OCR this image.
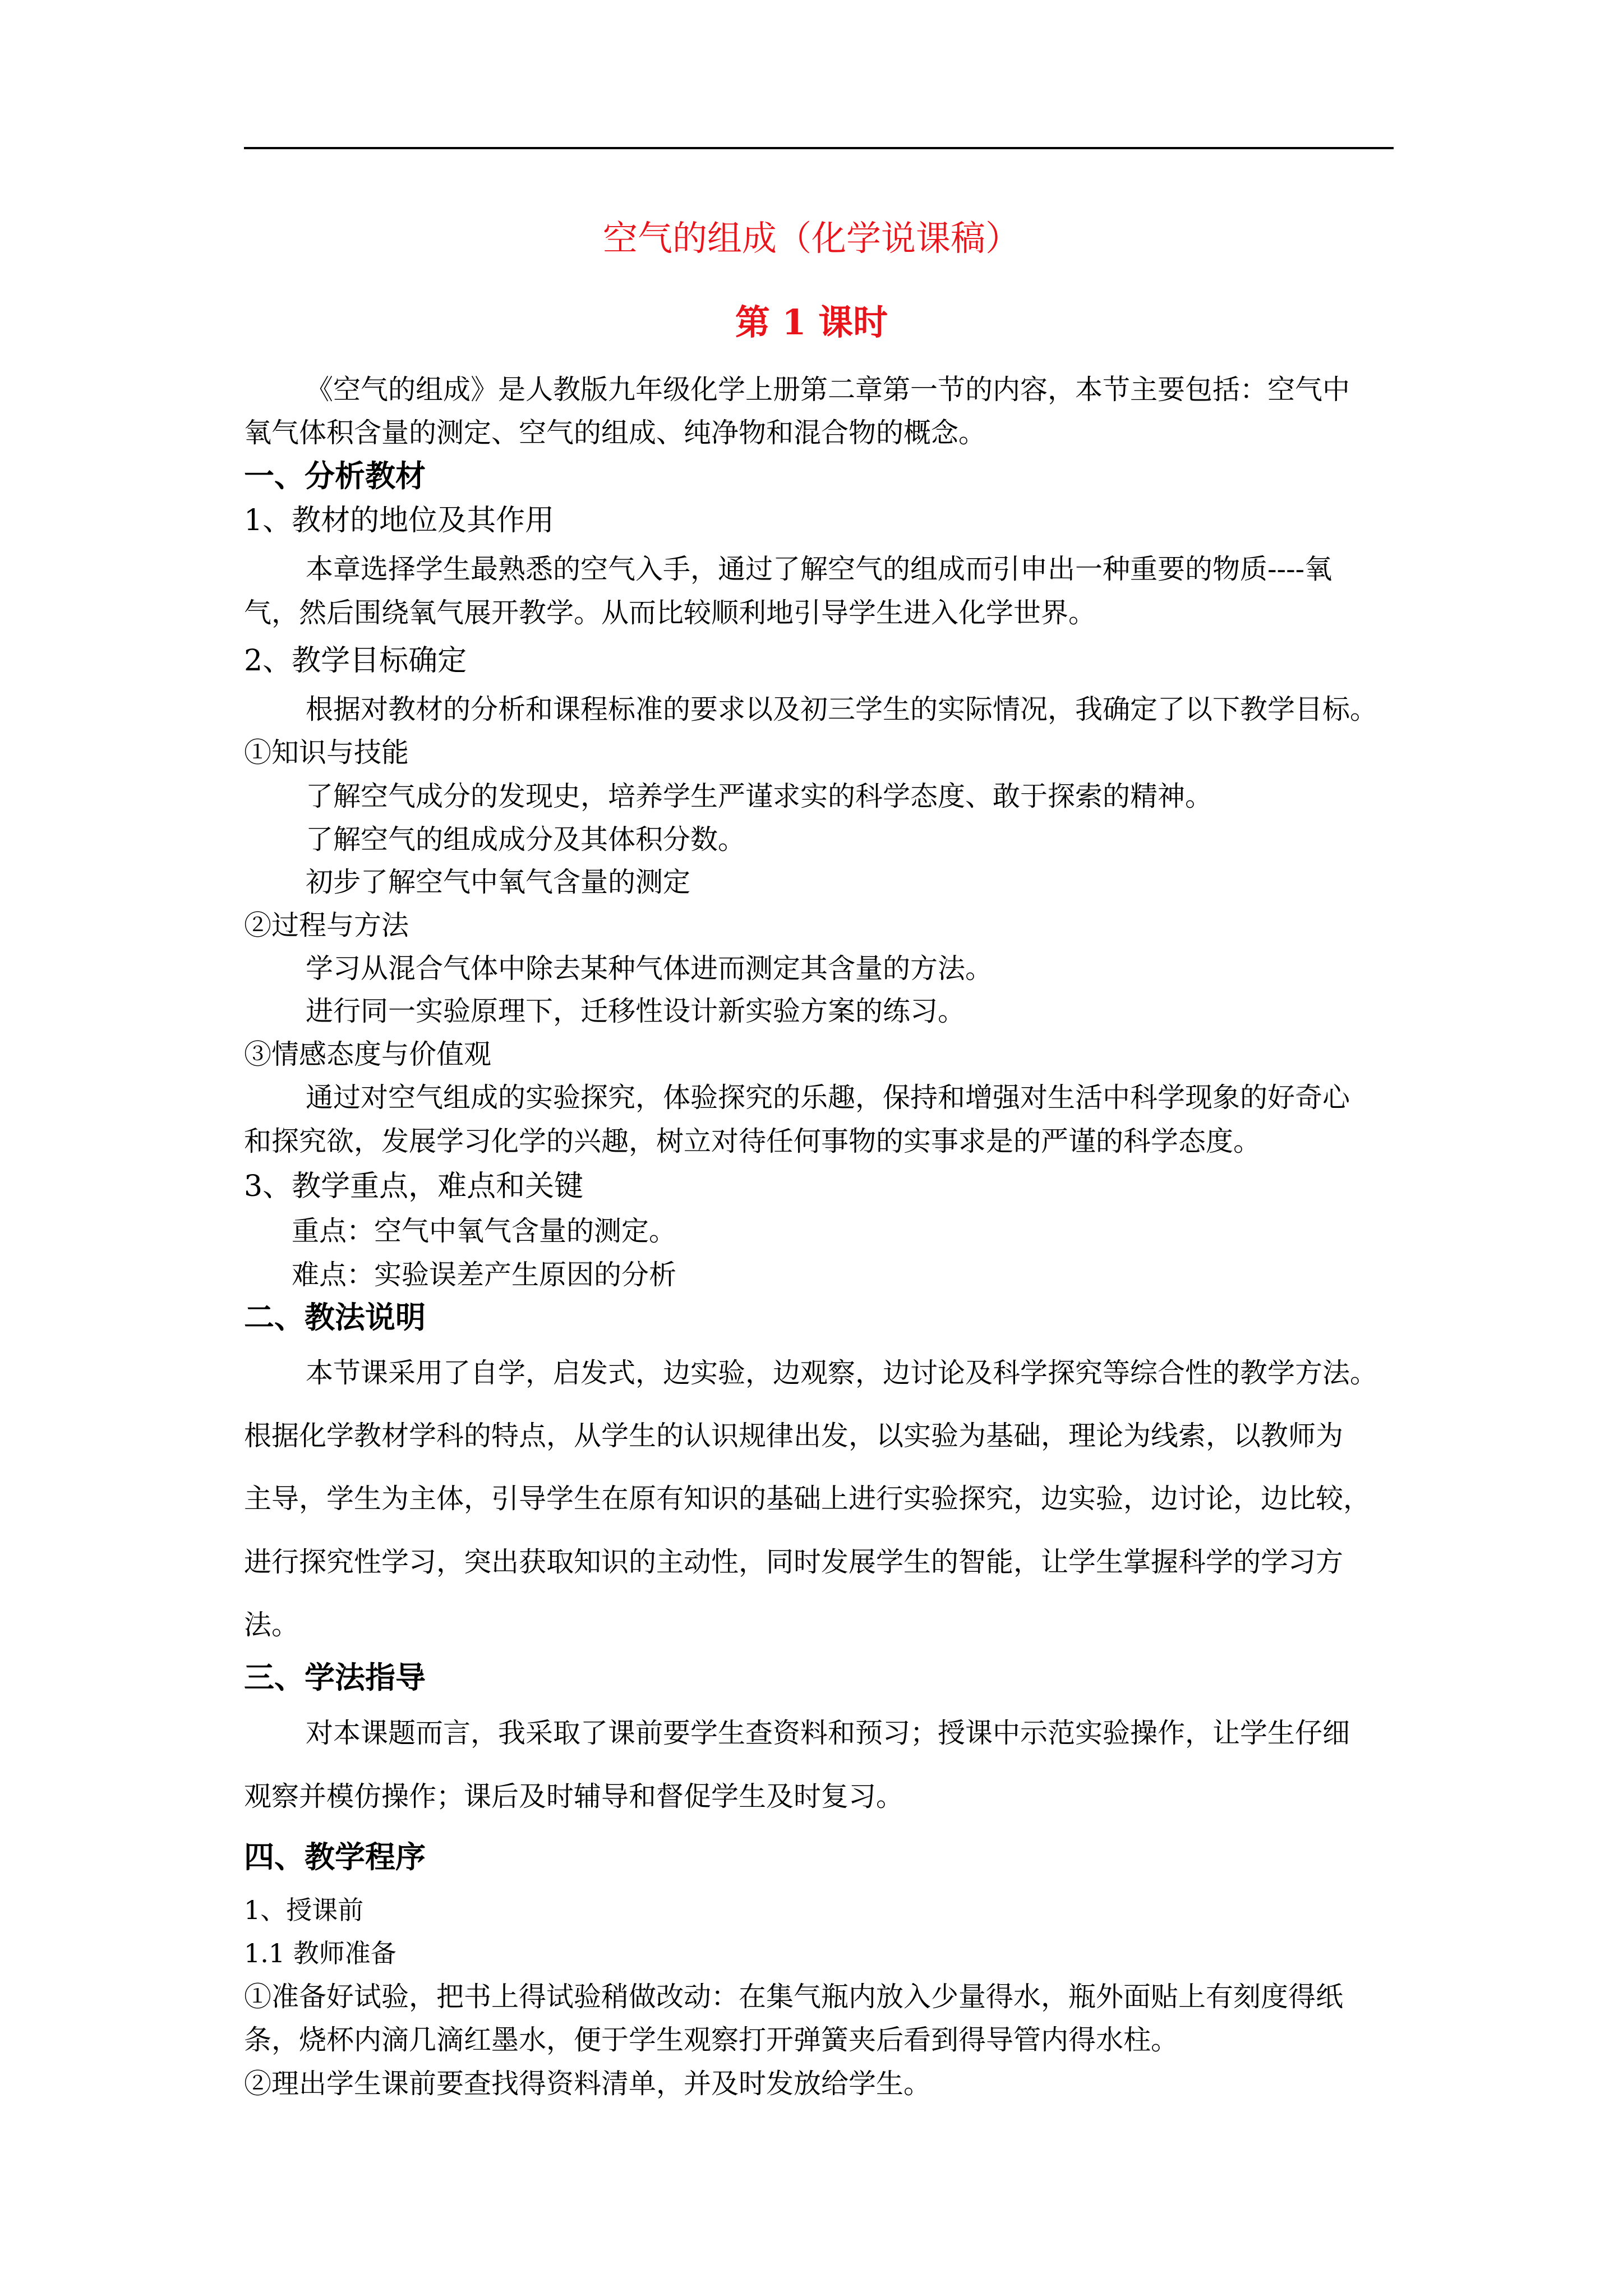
空气的组成（化学说课稿）
第 1 课时
《空气的组成》是人教版九年级化学上册第二章第一节的内容，本节主要包括：空气中
氧气体积含量的测定、空气的组成、纯净物和混合物的概念。
一、分析教材
1、教材的地位及其作用
本章选择学生最熟悉的空气入手，通过了解空气的组成而引申出一种重要的物质----氧
气，然后围绕氧气展开教学。从而比较顺利地引导学生进入化学世界。
2、教学目标确定
根据对教材的分析和课程标准的要求以及初三学生的实际情况，我确定了以下教学目标。
①知识与技能
了解空气成分的发现史，培养学生严谨求实的科学态度、敢于探索的精神。
了解空气的组成成分及其体积分数。
初步了解空气中氧气含量的测定
②过程与方法
学习从混合气体中除去某种气体进而测定其含量的方法。
进行同一实验原理下，迁移性设计新实验方案的练习。
③情感态度与价值观
通过对空气组成的实验探究，体验探究的乐趣，保持和增强对生活中科学现象的好奇心
和探究欲，发展学习化学的兴趣，树立对待任何事物的实事求是的严谨的科学态度。
3、教学重点，难点和关键
重点：空气中氧气含量的测定。
难点：实验误差产生原因的分析
二、教法说明
本节课采用了自学，启发式，边实验，边观察，边讨论及科学探究等综合性的教学方法。
根据化学教材学科的特点，从学生的认识规律出发，以实验为基础，理论为线索，以教师为
主导，学生为主体，引导学生在原有知识的基础上进行实验探究，边实验，边讨论，边比较，
进行探究性学习，突出获取知识的主动性，同时发展学生的智能，让学生掌握科学的学习方
法。
三、学法指导
对本课题而言，我采取了课前要学生查资料和预习；授课中示范实验操作，让学生仔细
观察并模仿操作；课后及时辅导和督促学生及时复习。
四、教学程序
1、授课前
1.1 教师准备
①准备好试验，把书上得试验稍做改动：在集气瓶内放入少量得水，瓶外面贴上有刻度得纸
条，烧杯内滴几滴红墨水，便于学生观察打开弹簧夹后看到得导管内得水柱。
②理出学生课前要查找得资料清单，并及时发放给学生。
